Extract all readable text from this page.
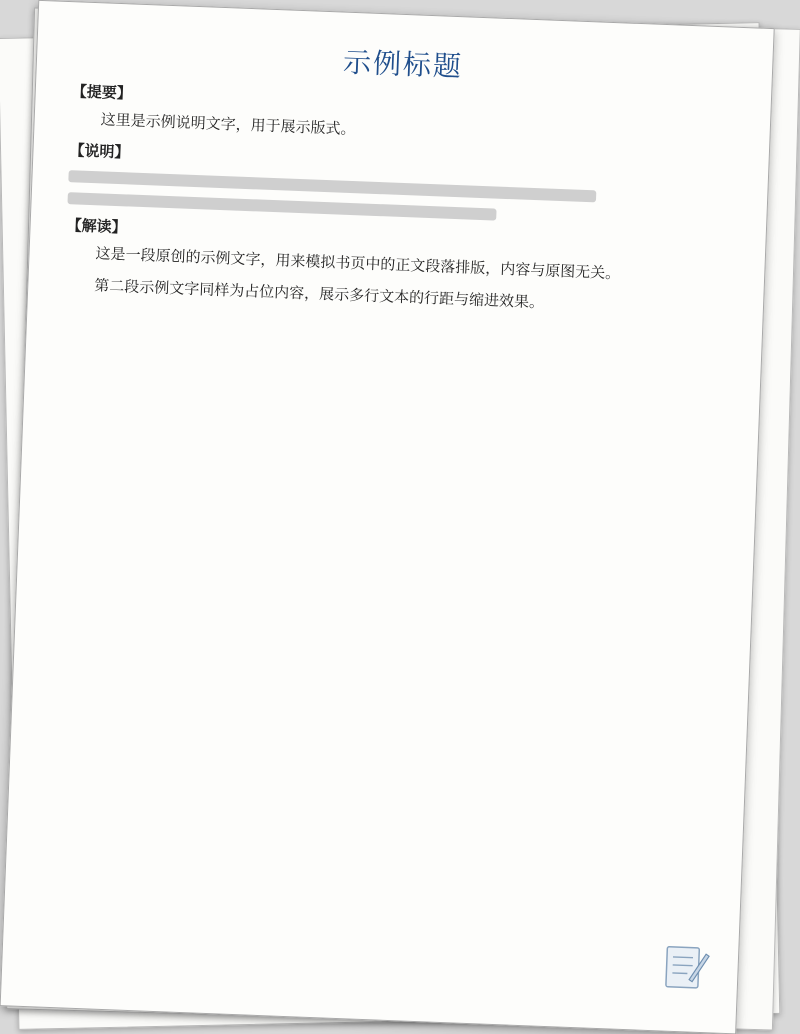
示例标题
【提要】

这里是示例说明文字，用于展示版式。

【说明】
【解读】

这是一段原创的示例文字，用来模拟书页中的正文段落排版，内容与原图无关。

第二段示例文字同样为占位内容，展示多行文本的行距与缩进效果。
